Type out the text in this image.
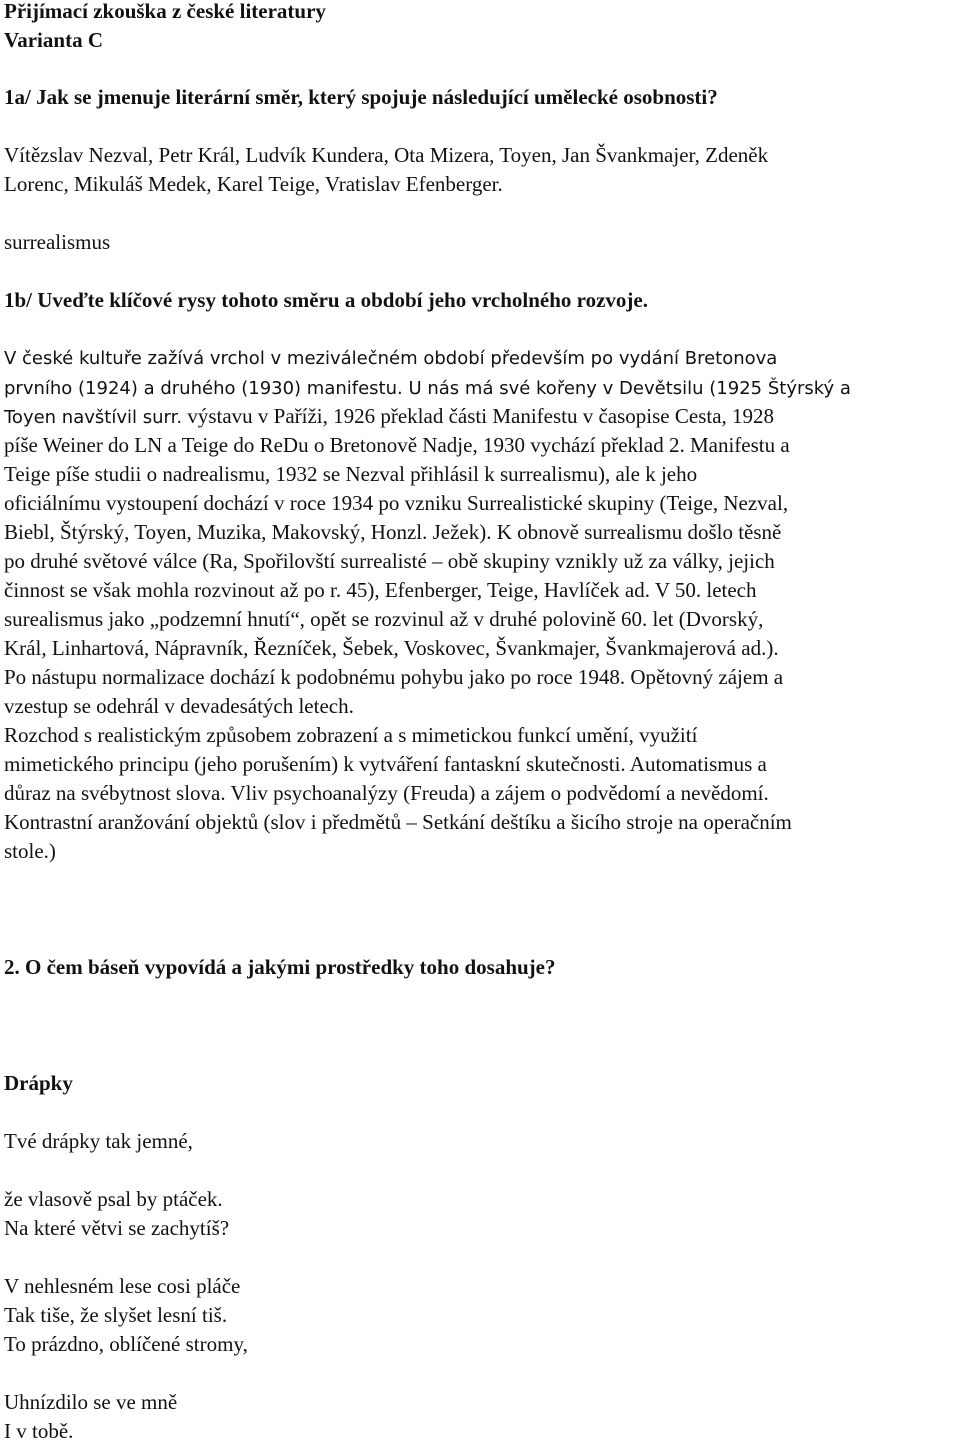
Přijímací zkouška z české literatury
Varianta C
1a/ Jak se jmenuje literární směr, který spojuje následující umělecké osobnosti?
Vítězslav Nezval, Petr Král, Ludvík Kundera, Ota Mizera, Toyen, Jan Švankmajer, Zdeněk
Lorenc, Mikuláš Medek, Karel Teige, Vratislav Efenberger.
surrealismus
1b/ Uveďte klíčové rysy tohoto směru a období jeho vrcholného rozvoje.
V české kultuře zažívá vrchol v meziválečném období především po vydání Bretonova
prvního (1924) a druhého (1930) manifestu. U nás má své kořeny v Devětsilu (1925 Štýrský a
Toyen navštívil surr. výstavu v Paříži, 1926 překlad části Manifestu v časopise Cesta, 1928
píše Weiner do LN a Teige do ReDu o Bretonově Nadje, 1930 vychází překlad 2. Manifestu a
Teige píše studii o nadrealismu, 1932 se Nezval přihlásil k surrealismu), ale k jeho
oficiálnímu vystoupení dochází v roce 1934 po vzniku Surrealistické skupiny (Teige, Nezval,
Biebl, Štýrský, Toyen, Muzika, Makovský, Honzl. Ježek). K obnově surrealismu došlo těsně
po druhé světové válce (Ra, Spořilovští surrealisté – obě skupiny vznikly už za války, jejich
činnost se však mohla rozvinout až po r. 45), Efenberger, Teige, Havlíček ad. V 50. letech
surealismus jako „podzemní hnutí“, opět se rozvinul až v druhé polovině 60. let (Dvorský,
Král, Linhartová, Nápravník, Řezníček, Šebek, Voskovec, Švankmajer, Švankmajerová ad.).
Po nástupu normalizace dochází k podobnému pohybu jako po roce 1948. Opětovný zájem a
vzestup se odehrál v devadesátých letech.
Rozchod s realistickým způsobem zobrazení a s mimetickou funkcí umění, využití
mimetického principu (jeho porušením) k vytváření fantaskní skutečnosti. Automatismus a
důraz na svébytnost slova. Vliv psychoanalýzy (Freuda) a zájem o podvědomí a nevědomí.
Kontrastní aranžování objektů (slov i předmětů – Setkání deštíku a šicího stroje na operačním
stole.)
2. O čem báseň vypovídá a jakými prostředky toho dosahuje?
Drápky
Tvé drápky tak jemné,
že vlasově psal by ptáček.
Na které větvi se zachytíš?
V nehlesném lese cosi pláče
Tak tiše, že slyšet lesní tiš.
To prázdno, oblíčené stromy,
Uhnízdilo se ve mně
I v tobě.
